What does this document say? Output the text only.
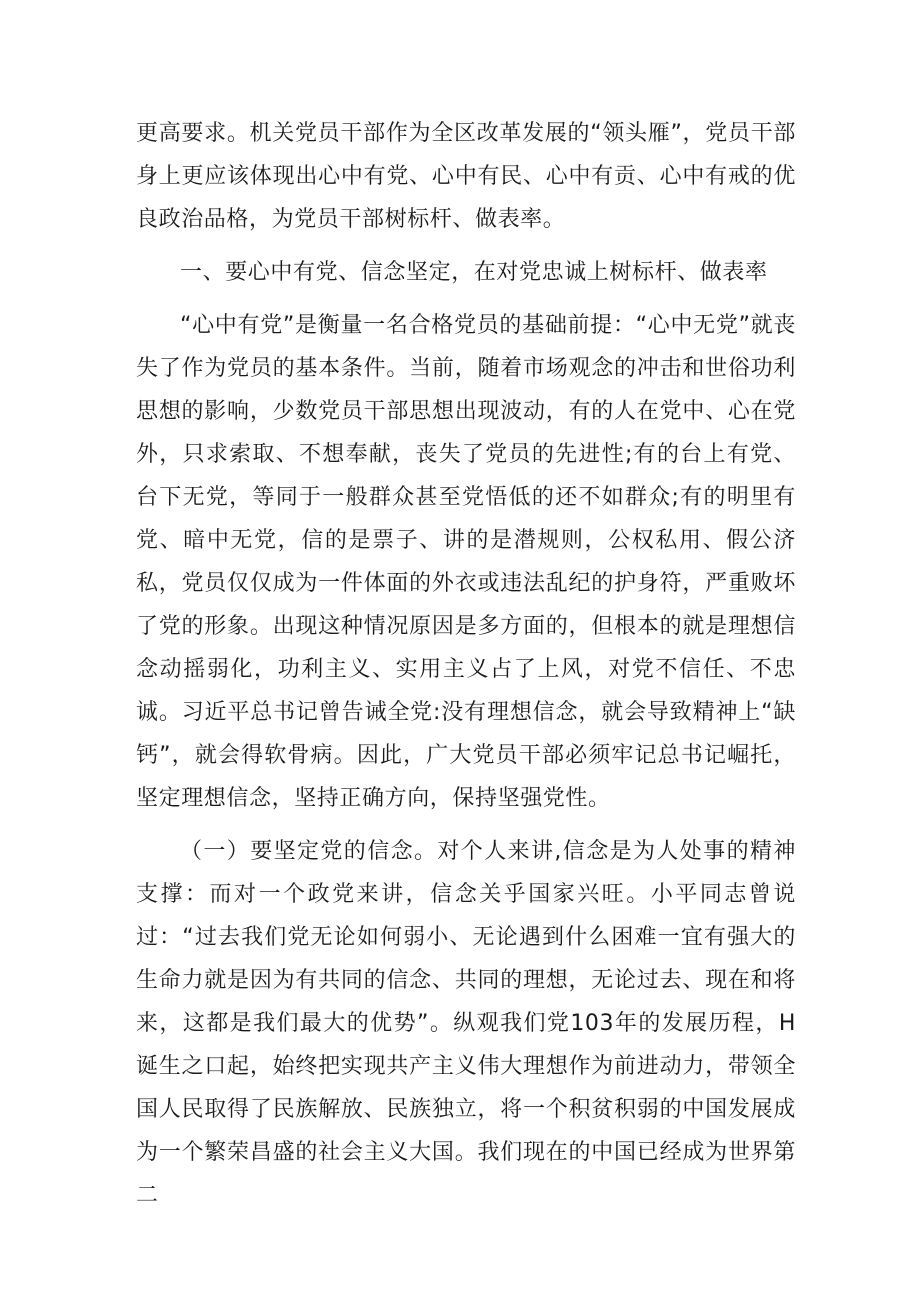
更高要求。机关党员干部作为全区改革发展的“领头雁”，党员干部身上更应该体现出心中有党、心中有民、心中有贡、心中有戒的优良政治品格，为党员干部树标杆、做表率。

一、要心中有党、信念坚定，在对党忠诚上树标杆、做表率

“心中有党”是衡量一名合格党员的基础前提：“心中无党”就丧失了作为党员的基本条件。当前，随着市场观念的冲击和世俗功利思想的影响，少数党员干部思想出现波动，有的人在党中、心在党外，只求索取、不想奉献，丧失了党员的先进性;有的台上有党、台下无党，等同于一般群众甚至党悟低的还不如群众;有的明里有党、暗中无党，信的是票子、讲的是潜规则，公权私用、假公济私，党员仅仅成为一件体面的外衣或违法乱纪的护身符，严重败坏了党的形象。出现这种情况原因是多方面的，但根本的就是理想信念动摇弱化，功利主义、实用主义占了上风，对党不信任、不忠诚。习近平总书记曾告诫全党:没有理想信念，就会导致精神上“缺钙”，就会得软骨病。因此，广大党员干部必须牢记总书记崛托，坚定理想信念，坚持正确方向，保持坚强党性。

（一）要坚定党的信念。对个人来讲,信念是为人处事的精神支撑：而对一个政党来讲，信念关乎国家兴旺。小平同志曾说过：“过去我们党无论如何弱小、无论遇到什么困难一宜有强大的生命力就是因为有共同的信念、共同的理想，无论过去、现在和将来，这都是我们最大的优势”。纵观我们党103年的发展历程，H诞生之口起，始终把实现共产主义伟大理想作为前进动力，带领全国人民取得了民族解放、民族独立，将一个积贫积弱的中国发展成为一个繁荣昌盛的社会主义大国。我们现在的中国已经成为世界第二
